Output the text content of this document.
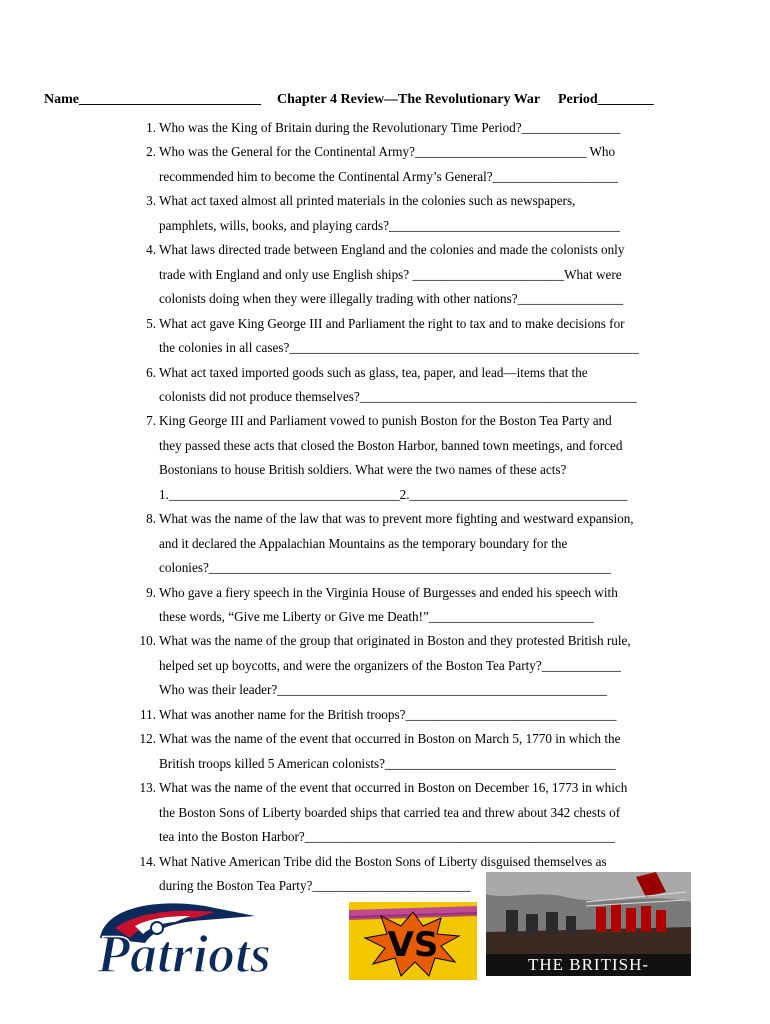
Name__________________________ Chapter 4 Review—The Revolutionary War Period________
1. Who was the King of Britain during the Revolutionary Time Period?_______________
2. Who was the General for the Continental Army?__________________________ Who
recommended him to become the Continental Army’s General?___________________
3. What act taxed almost all printed materials in the colonies such as newspapers,
pamphlets, wills, books, and playing cards?___________________________________
4. What laws directed trade between England and the colonies and made the colonists only
trade with England and only use English ships? _______________________What were
colonists doing when they were illegally trading with other nations?________________
5. What act gave King George III and Parliament the right to tax and to make decisions for
the colonies in all cases?_____________________________________________________
6. What act taxed imported goods such as glass, tea, paper, and lead—items that the
colonists did not produce themselves?__________________________________________
7. King George III and Parliament vowed to punish Boston for the Boston Tea Party and
they passed these acts that closed the Boston Harbor, banned town meetings, and forced
Bostonians to house British soldiers. What were the two names of these acts?
1.___________________________________2._________________________________
8. What was the name of the law that was to prevent more fighting and westward expansion,
and it declared the Appalachian Mountains as the temporary boundary for the
colonies?_____________________________________________________________
9. Who gave a fiery speech in the Virginia House of Burgesses and ended his speech with
these words, “Give me Liberty or Give me Death!”_________________________
10. What was the name of the group that originated in Boston and they protested British rule,
helped set up boycotts, and were the organizers of the Boston Tea Party?____________
Who was their leader?__________________________________________________
11. What was another name for the British troops?________________________________
12. What was the name of the event that occurred in Boston on March 5, 1770 in which the
British troops killed 5 American colonists?___________________________________
13. What was the name of the event that occurred in Boston on December 16, 1773 in which
the Boston Sons of Liberty boarded ships that carried tea and threw about 342 chests of
tea into the Boston Harbor?_______________________________________________
14. What Native American Tribe did the Boston Sons of Liberty disguised themselves as
during the Boston Tea Party?________________________
Patriots	VS	THE BRITISH-
